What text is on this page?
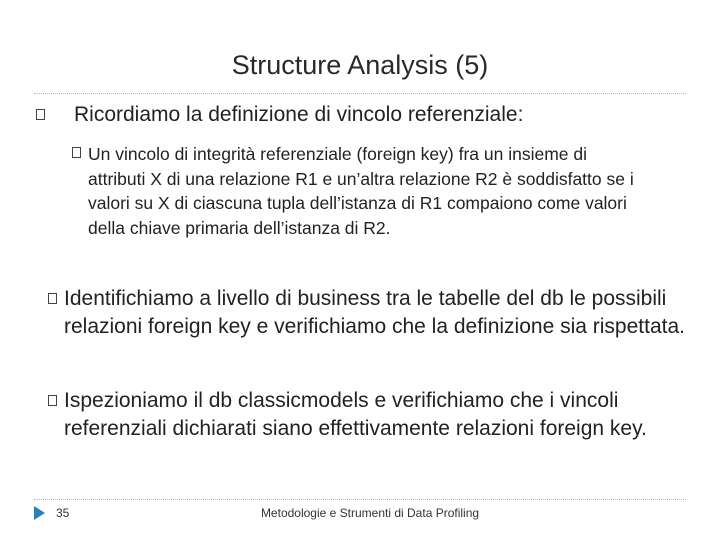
Structure Analysis (5)

Ricordiamo la definizione di vincolo referenziale:

Un vincolo di integrità referenziale (foreign key) fra un insieme di attributi X di una relazione R1 e un’altra relazione R2 è soddisfatto se i valori su X di ciascuna tupla dell’istanza di R1 compaiono come valori della chiave primaria dell’istanza di R2.

Identifichiamo a livello di business tra le tabelle del db le possibili relazioni foreign key e verifichiamo che la definizione sia rispettata.

Ispezioniamo il db classicmodels e verifichiamo che i vincoli referenziali dichiarati siano effettivamente relazioni foreign key.

35	Metodologie e Strumenti di Data Profiling
